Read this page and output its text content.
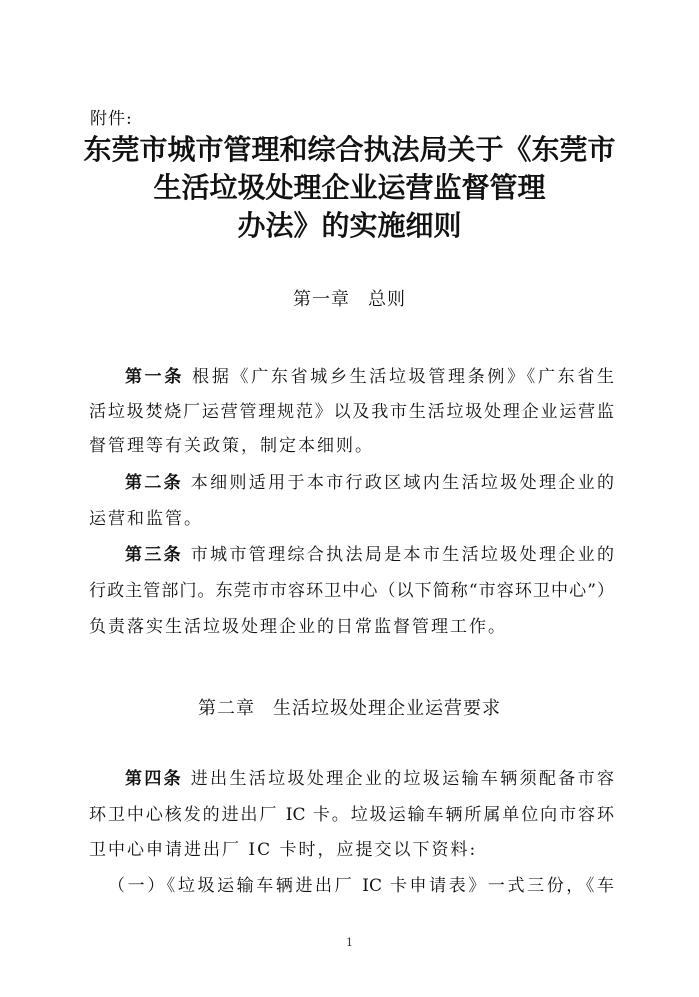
附件:
东莞市城市管理和综合执法局关于《东莞市
生活垃圾处理企业运营监督管理
办法》的实施细则
第一章 总则
第一条 根据《广东省城乡生活垃圾管理条例》《广东省生
活垃圾焚烧厂运营管理规范》以及我市生活垃圾处理企业运营监
督管理等有关政策，制定本细则。
第二条 本细则适用于本市行政区域内生活垃圾处理企业的
运营和监管。
第三条 市城市管理综合执法局是本市生活垃圾处理企业的
行政主管部门。东莞市市容环卫中心（以下简称“市容环卫中心”）
负责落实生活垃圾处理企业的日常监督管理工作。
第二章 生活垃圾处理企业运营要求
第四条 进出生活垃圾处理企业的垃圾运输车辆须配备市容
环卫中心核发的进出厂 IC 卡。垃圾运输车辆所属单位向市容环
卫中心申请进出厂 IC 卡时，应提交以下资料:
（一）《垃圾运输车辆进出厂 IC 卡申请表》一式三份，《车
1
